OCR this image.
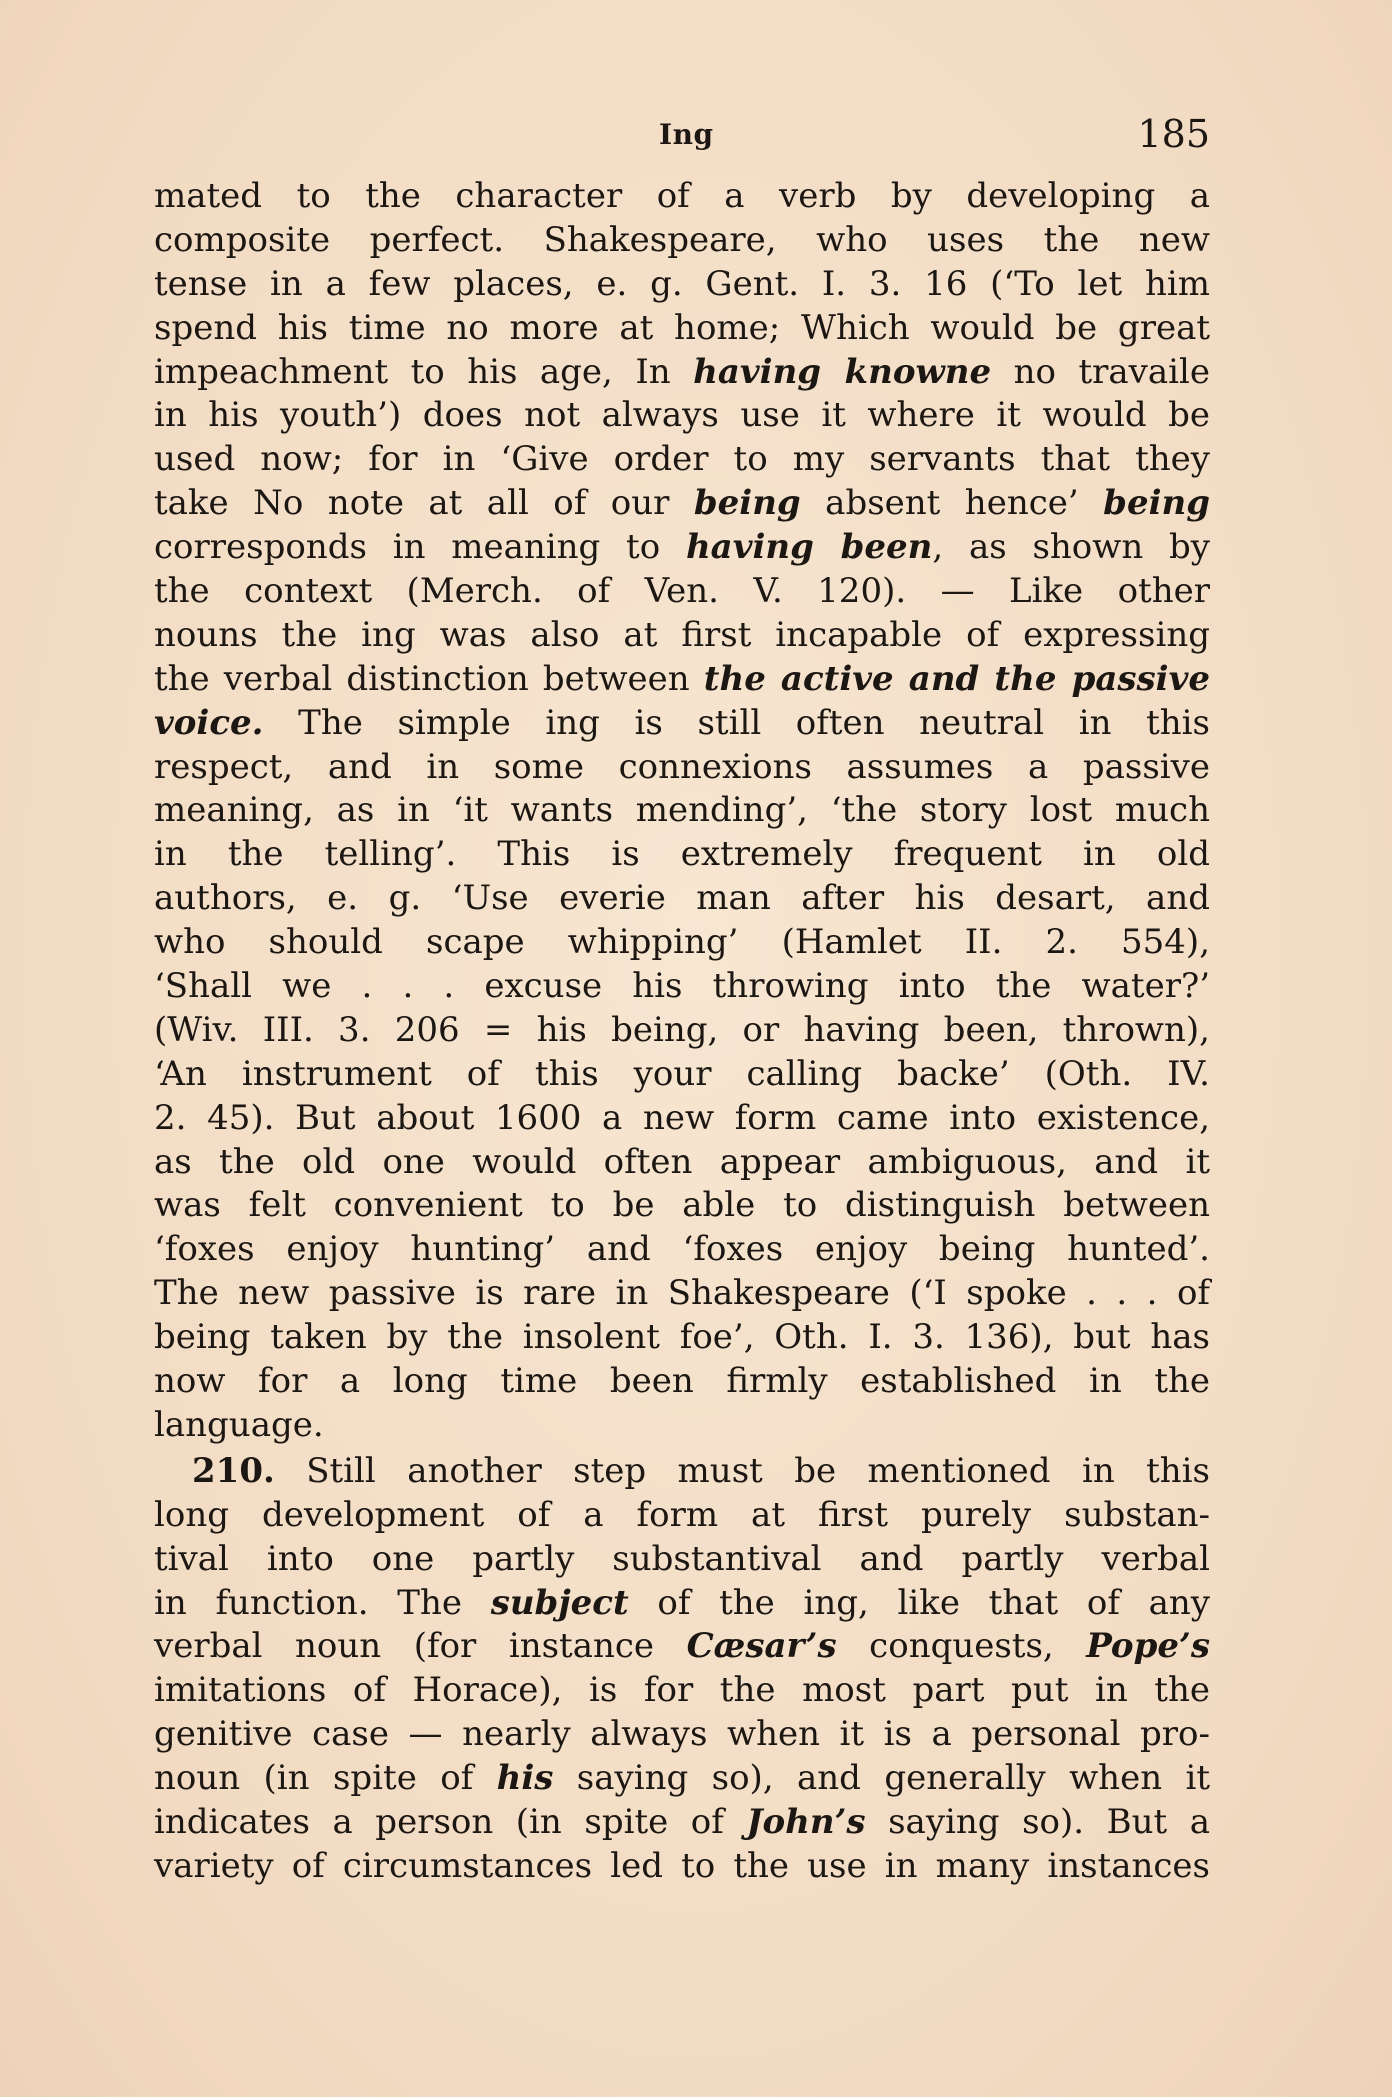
Ing	185
mated to the character of a verb by developing a
composite perfect. Shakespeare, who uses the new
tense in a few places, e. g. Gent. I. 3. 16 (‘To let him
spend his time no more at home; Which would be great
impeachment to his age, In having knowne no travaile
in his youth’) does not always use it where it would be
used now; for in ‘Give order to my servants that they
take No note at all of our being absent hence’ being
corresponds in meaning to having been, as shown by
the context (Merch. of Ven. V. 120). — Like other
nouns the ing was also at first incapable of expressing
the verbal distinction between the active and the passive
voice. The simple ing is still often neutral in this
respect, and in some connexions assumes a passive
meaning, as in ‘it wants mending’, ‘the story lost much
in the telling’. This is extremely frequent in old
authors, e. g. ‘Use everie man after his desart, and
who should scape whipping’ (Hamlet II. 2. 554),
‘Shall we . . . excuse his throwing into the water?’
(Wiv. III. 3. 206 = his being, or having been, thrown),
‘An instrument of this your calling backe’ (Oth. IV.
2. 45). But about 1600 a new form came into existence,
as the old one would often appear ambiguous, and it
was felt convenient to be able to distinguish between
‘foxes enjoy hunting’ and ‘foxes enjoy being hunted’.
The new passive is rare in Shakespeare (‘I spoke . . . of
being taken by the insolent foe’, Oth. I. 3. 136), but has
now for a long time been firmly established in the
language.
210. Still another step must be mentioned in this
long development of a form at first purely substan-
tival into one partly substantival and partly verbal
in function. The subject of the ing, like that of any
verbal noun (for instance Cæsar’s conquests, Pope’s
imitations of Horace), is for the most part put in the
genitive case — nearly always when it is a personal pro-
noun (in spite of his saying so), and generally when it
indicates a person (in spite of John’s saying so). But a
variety of circumstances led to the use in many instances
